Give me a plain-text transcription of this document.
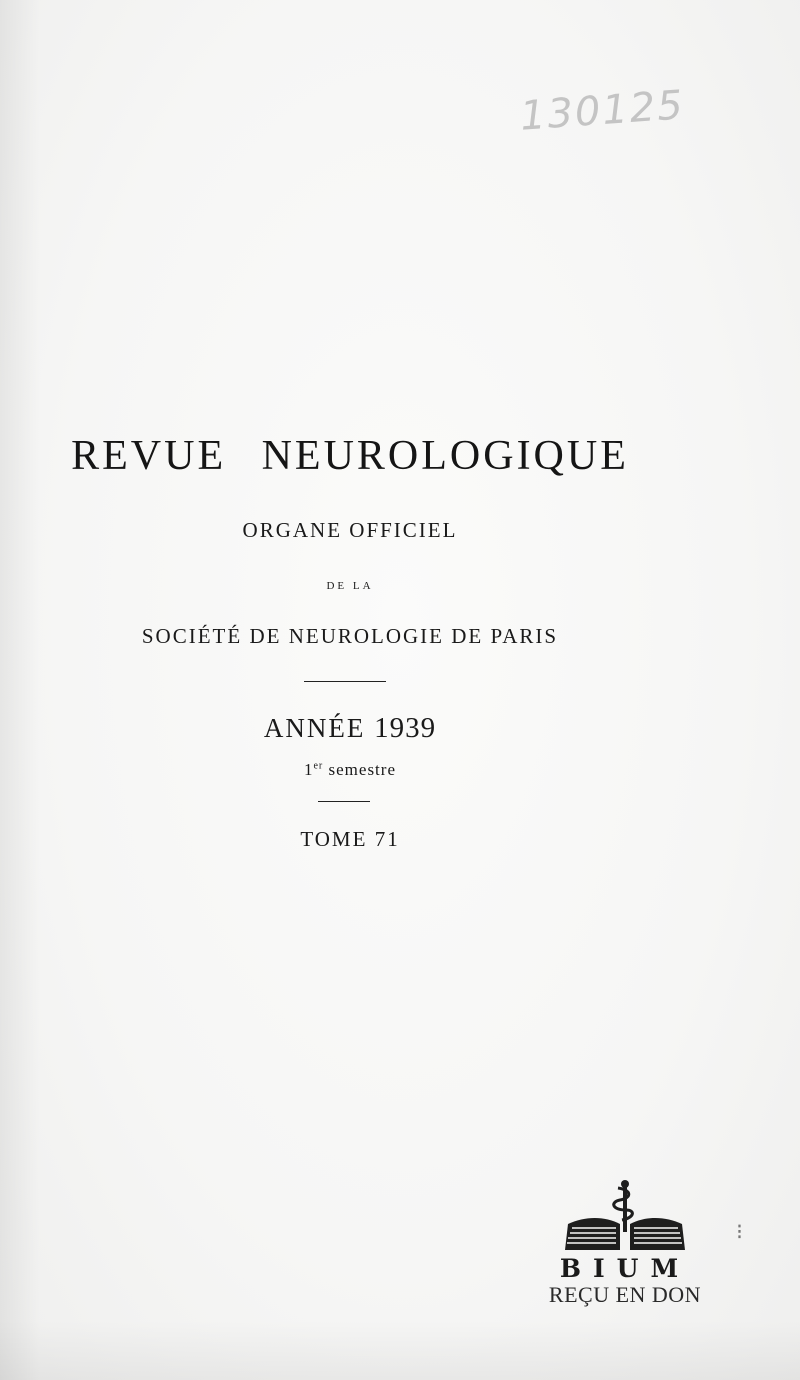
130125
REVUE NEUROLOGIQUE
ORGANE OFFICIEL
DE LA
SOCIÉTÉ DE NEUROLOGIE DE PARIS
ANNÉE 1939
1er semestre
TOME 71
BIUM
REÇU EN DON
⁝
